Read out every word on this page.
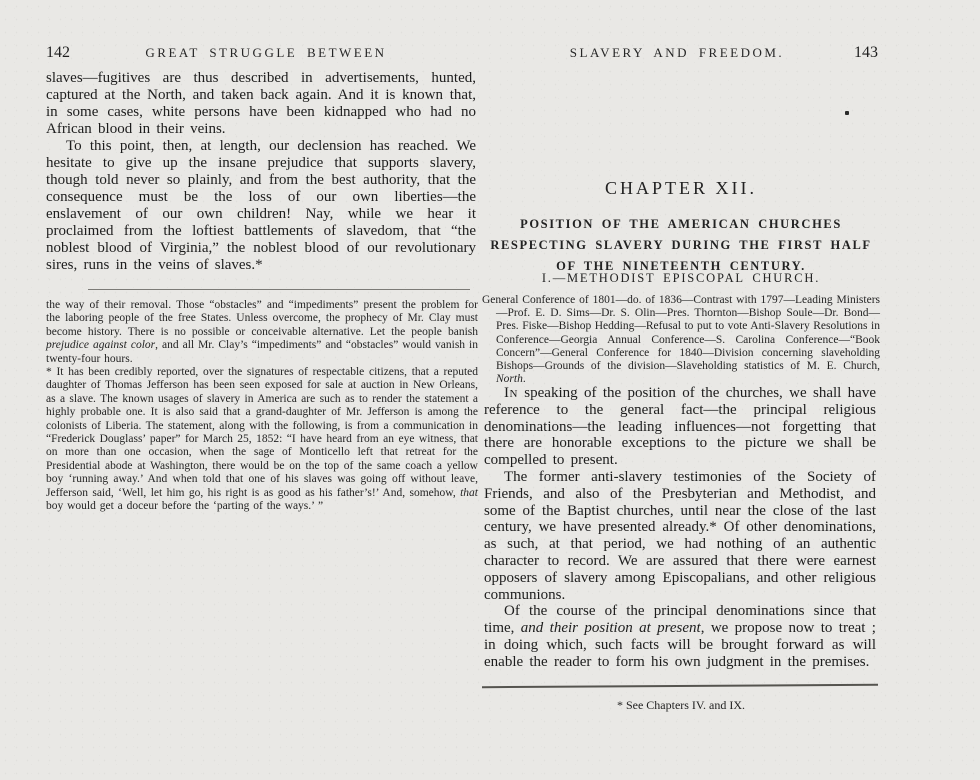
142	GREAT STRUGGLE BETWEEN

slaves—fugitives are thus described in advertisements, hunted, captured at the North, and taken back again. And it is known that, in some cases, white persons have been kidnapped who had no African blood in their veins.

To this point, then, at length, our declension has reached. We hesitate to give up the insane prejudice that supports slavery, though told never so plainly, and from the best authority, that the consequence must be the loss of our own liberties—the enslavement of our own children! Nay, while we hear it proclaimed from the loftiest battlements of slavedom, that “the noblest blood of Virginia,” the noblest blood of our revolutionary sires, runs in the veins of slaves.*

the way of their removal. Those “obstacles” and “impediments” present the problem for the laboring people of the free States. Unless overcome, the prophecy of Mr. Clay must become history. There is no possible or conceivable alternative. Let the people banish prejudice against color, and all Mr. Clay’s “impediments” and “obstacles” would vanish in twenty-four hours.

* It has been credibly reported, over the signatures of respectable citizens, that a reputed daughter of Thomas Jefferson has been seen exposed for sale at auction in New Orleans, as a slave. The known usages of slavery in America are such as to render the statement a highly probable one. It is also said that a grand-daughter of Mr. Jefferson is among the colonists of Liberia. The statement, along with the following, is from a communication in “Frederick Douglass’ paper” for March 25, 1852: “I have heard from an eye witness, that on more than one occasion, when the sage of Monticello left that retreat for the Presidential abode at Washington, there would be on the top of the same coach a yellow boy ‘running away.’ And when told that one of his slaves was going off without leave, Jefferson said, ‘Well, let him go, his right is as good as his father’s!’ And, somehow, that boy would get a doceur before the ‘parting of the ways.’ ”

SLAVERY AND FREEDOM.	143
CHAPTER XII.
POSITION OF THE AMERICAN CHURCHES RESPECTING SLAVERY DURING THE FIRST HALF OF THE NINETEENTH CENTURY.
I.—METHODIST EPISCOPAL CHURCH.
General Conference of 1801—do. of 1836—Contrast with 1797—Leading Ministers—Prof. E. D. Sims—Dr. S. Olin—Pres. Thornton—Bishop Soule—Dr. Bond—Pres. Fiske—Bishop Hedding—Refusal to put to vote Anti-Slavery Resolutions in Conference—Georgia Annual Conference—S. Carolina Conference—“Book Concern”—General Conference for 1840—Division concerning slaveholding Bishops—Grounds of the division—Slaveholding statistics of M. E. Church, North.

In speaking of the position of the churches, we shall have reference to the general fact—the principal religious denominations—the leading influences—not forgetting that there are honorable exceptions to the picture we shall be compelled to present.

The former anti-slavery testimonies of the Society of Friends, and also of the Presbyterian and Methodist, and some of the Baptist churches, until near the close of the last century, we have presented already.* Of other denominations, as such, at that period, we had nothing of an authentic character to record. We are assured that there were earnest opposers of slavery among Episcopalians, and other religious communions.

Of the course of the principal denominations since that time, and their position at present, we propose now to treat ; in doing which, such facts will be brought forward as will enable the reader to form his own judgment in the premises.

* See Chapters IV. and IX.
